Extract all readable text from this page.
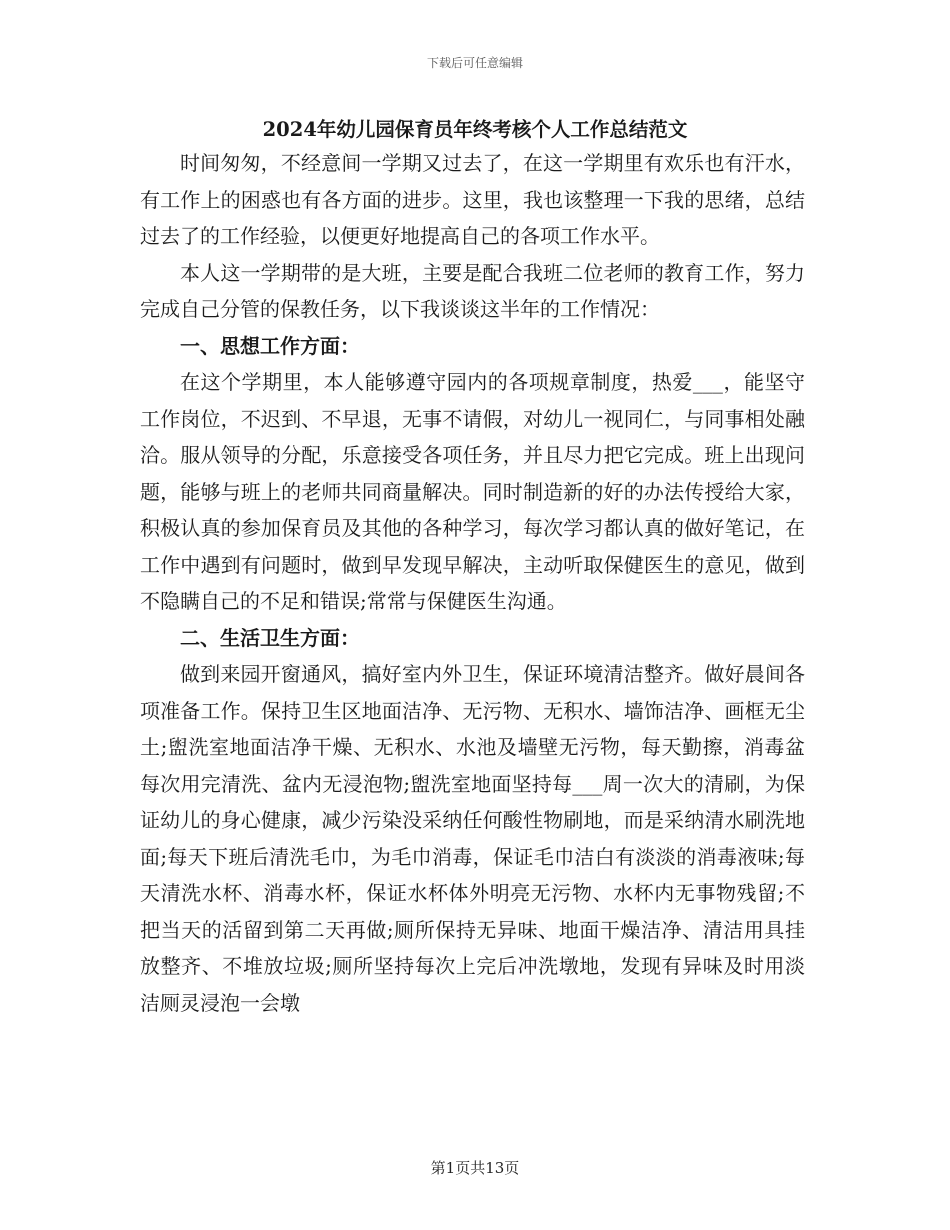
下载后可任意编辑
2024年幼儿园保育员年终考核个人工作总结范文

时间匆匆，不经意间一学期又过去了，在这一学期里有欢乐也有汗水，有工作上的困惑也有各方面的进步。这里，我也该整理一下我的思绪，总结过去了的工作经验，以便更好地提高自己的各项工作水平。

本人这一学期带的是大班，主要是配合我班二位老师的教育工作，努力完成自己分管的保教任务，以下我谈谈这半年的工作情况：

一、思想工作方面：

在这个学期里，本人能够遵守园内的各项规章制度，热爱___，能坚守工作岗位，不迟到、不早退，无事不请假，对幼儿一视同仁，与同事相处融洽。服从领导的分配，乐意接受各项任务，并且尽力把它完成。班上出现问题，能够与班上的老师共同商量解决。同时制造新的好的办法传授给大家，积极认真的参加保育员及其他的各种学习，每次学习都认真的做好笔记，在工作中遇到有问题时，做到早发现早解决，主动听取保健医生的意见，做到不隐瞒自己的不足和错误;常常与保健医生沟通。

二、生活卫生方面：

做到来园开窗通风，搞好室内外卫生，保证环境清洁整齐。做好晨间各项准备工作。保持卫生区地面洁净、无污物、无积水、墙饰洁净、画框无尘土;盥洗室地面洁净干燥、无积水、水池及墙壁无污物，每天勤擦，消毒盆每次用完清洗、盆内无浸泡物;盥洗室地面坚持每___周一次大的清刷，为保证幼儿的身心健康，减少污染没采纳任何酸性物刷地，而是采纳清水刷洗地面;每天下班后清洗毛巾，为毛巾消毒，保证毛巾洁白有淡淡的消毒液味;每天清洗水杯、消毒水杯，保证水杯体外明亮无污物、水杯内无事物残留;不把当天的活留到第二天再做;厕所保持无异味、地面干燥洁净、清洁用具挂放整齐、不堆放垃圾;厕所坚持每次上完后冲洗墩地，发现有异味及时用淡洁厕灵浸泡一会墩

第1页共13页
